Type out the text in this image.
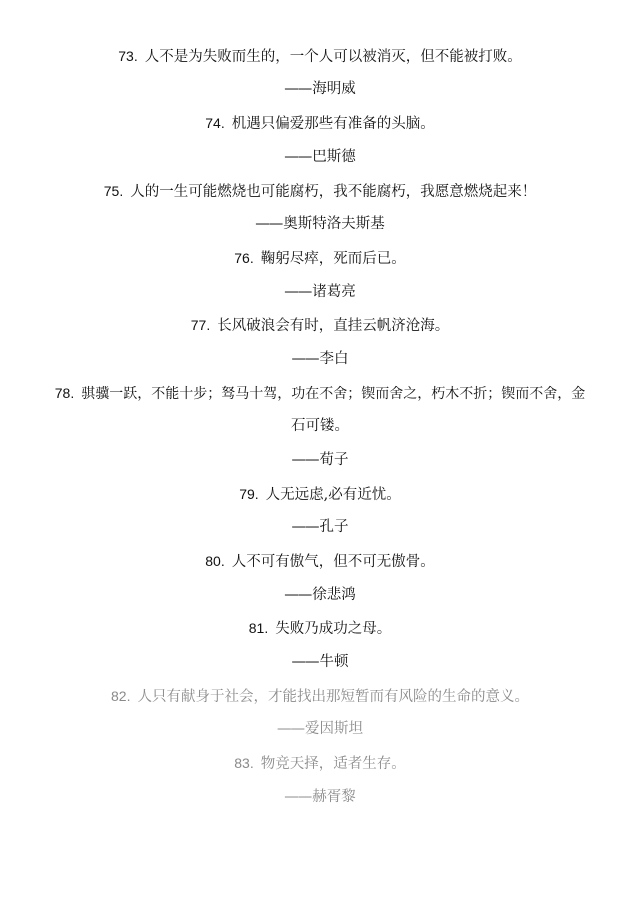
73. 人不是为失败而生的，一个人可以被消灭，但不能被打败。
——海明威
74. 机遇只偏爱那些有准备的头脑。
——巴斯德
75. 人的一生可能燃烧也可能腐朽，我不能腐朽，我愿意燃烧起来！
——奥斯特洛夫斯基
76. 鞠躬尽瘁，死而后已。
——诸葛亮
77. 长风破浪会有时，直挂云帆济沧海。
——李白
78. 骐骥一跃，不能十步；驽马十驾，功在不舍；锲而舍之，朽木不折；锲而不舍，金
石可镂。
——荀子
79. 人无远虑,必有近忧。
——孔子
80. 人不可有傲气，但不可无傲骨。
——徐悲鸿
81. 失败乃成功之母。
——牛顿
82. 人只有献身于社会，才能找出那短暂而有风险的生命的意义。
——爱因斯坦
83. 物竞天择，适者生存。
——赫胥黎
